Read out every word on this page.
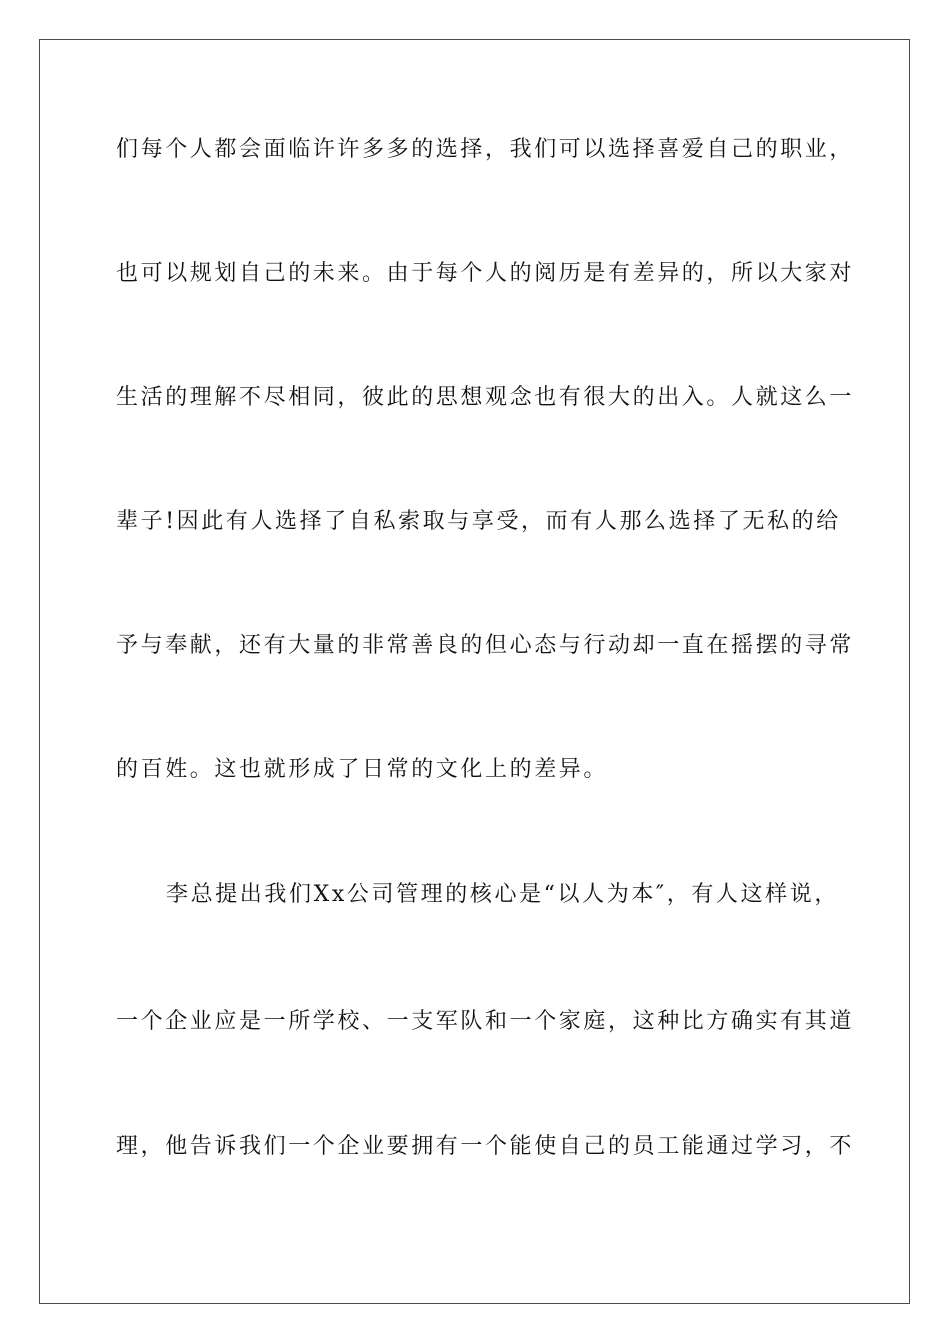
们每个人都会面临许许多多的选择，我们可以选择喜爱自己的职业，
也可以规划自己的未来。由于每个人的阅历是有差异的，所以大家对
生活的理解不尽相同，彼此的思想观念也有很大的出入。人就这么一
辈子!因此有人选择了自私索取与享受，而有人那么选择了无私的给
予与奉献，还有大量的非常善良的但心态与行动却一直在摇摆的寻常
的百姓。这也就形成了日常的文化上的差异。
李总提出我们Xx公司管理的核心是“以人为本″，有人这样说，
一个企业应是一所学校、一支军队和一个家庭，这种比方确实有其道
理，他告诉我们一个企业要拥有一个能使自己的员工能通过学习，不
